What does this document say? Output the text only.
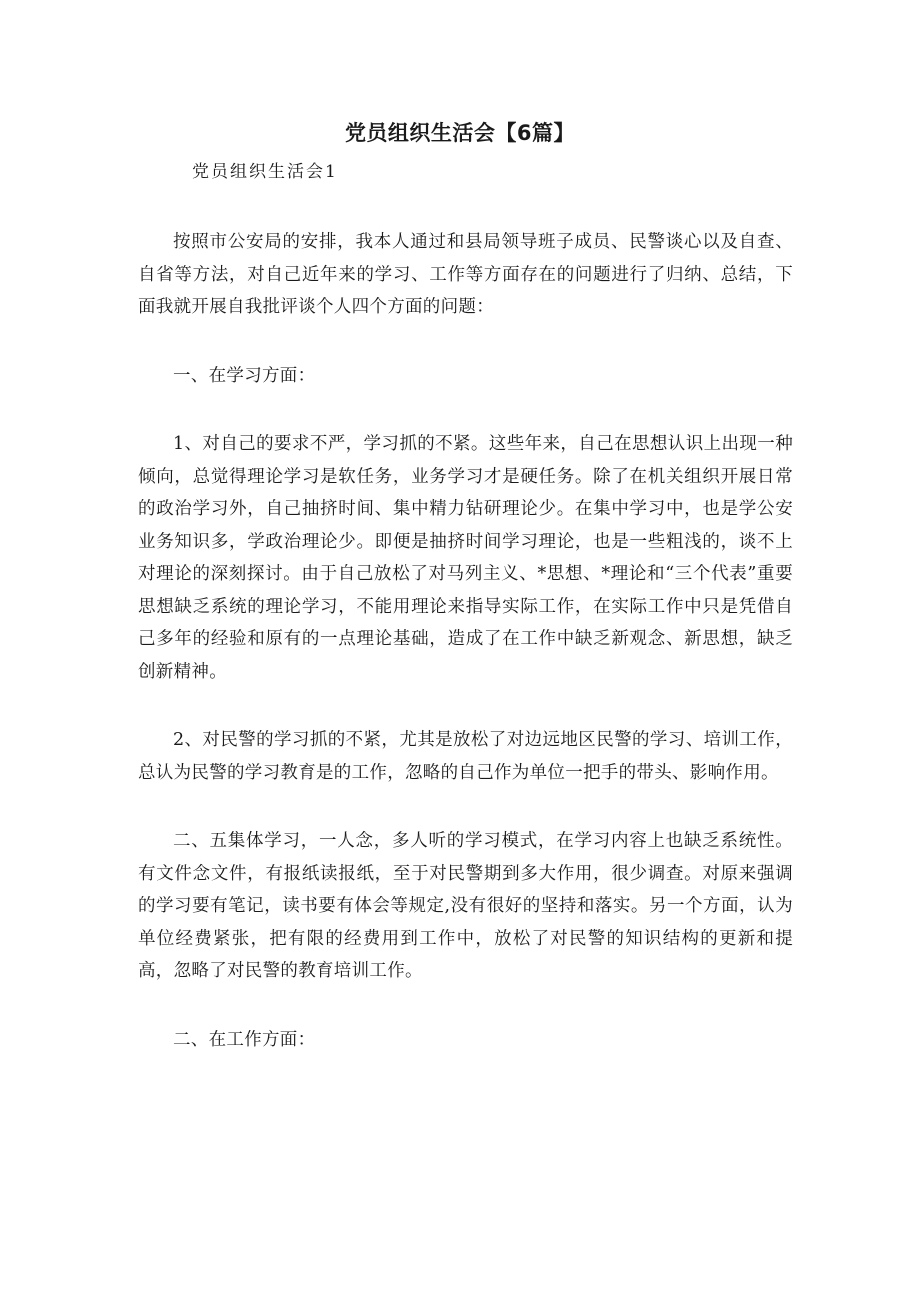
党员组织生活会【6篇】

党员组织生活会1

按照市公安局的安排，我本人通过和县局领导班子成员、民警谈心以及自查、自省等方法，对自己近年来的学习、工作等方面存在的问题进行了归纳、总结，下面我就开展自我批评谈个人四个方面的问题：

一、在学习方面：

1、对自己的要求不严，学习抓的不紧。这些年来，自己在思想认识上出现一种倾向，总觉得理论学习是软任务，业务学习才是硬任务。除了在机关组织开展日常的政治学习外，自己抽挤时间、集中精力钻研理论少。在集中学习中，也是学公安业务知识多，学政治理论少。即便是抽挤时间学习理论，也是一些粗浅的，谈不上对理论的深刻探讨。由于自己放松了对马列主义、*思想、*理论和“三个代表”重要思想缺乏系统的理论学习，不能用理论来指导实际工作，在实际工作中只是凭借自己多年的经验和原有的一点理论基础，造成了在工作中缺乏新观念、新思想，缺乏创新精神。

2、对民警的学习抓的不紧，尤其是放松了对边远地区民警的学习、培训工作，总认为民警的学习教育是的工作，忽略的自己作为单位一把手的带头、影响作用。

二、五集体学习，一人念，多人听的学习模式，在学习内容上也缺乏系统性。有文件念文件，有报纸读报纸，至于对民警期到多大作用，很少调查。对原来强调的学习要有笔记，读书要有体会等规定,没有很好的坚持和落实。另一个方面，认为单位经费紧张，把有限的经费用到工作中，放松了对民警的知识结构的更新和提高，忽略了对民警的教育培训工作。

二、在工作方面：
